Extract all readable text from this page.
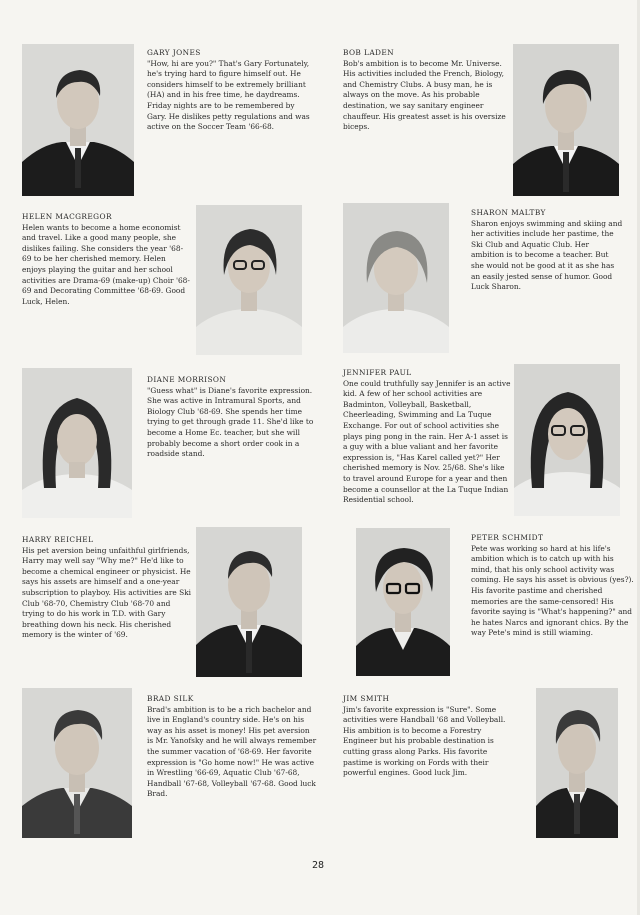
GARY JONES
"How, hi are you?" That's Gary Fortunately, he's trying hard to figure himself out. He considers himself to be extremely brilliant (HA) and in his free time, he daydreams. Friday nights are to be remembered by Gary. He dislikes petty regulations and was active on the Soccer Team '66-68.
BOB LADEN
Bob's ambition is to become Mr. Universe. His activities included the French, Biology, and Chemistry Clubs. A busy man, he is always on the move. As his probable destination, we say sanitary engineer chauffeur. His greatest asset is his oversize biceps.
HELEN MACGREGOR
Helen wants to become a home economist and travel. Like a good many people, she dislikes failing. She considers the year '68-69 to be her cherished memory. Helen enjoys playing the guitar and her school activities are Drama-69 (make-up) Choir '68-69 and Decorating Committee '68-69. Good Luck, Helen.
SHARON MALTBY
Sharon enjoys swimming and skiing and her activities include her pastime, the Ski Club and Aquatic Club. Her ambition is to become a teacher. But she would not be good at it as she has an easily jested sense of humor. Good Luck Sharon.
DIANE MORRISON
"Guess what" is Diane's favorite expression. She was active in Intramural Sports, and Biology Club '68-69. She spends her time trying to get through grade 11. She'd like to become a Home Ec. teacher, but she will probably become a short order cook in a roadside stand.
JENNIFER PAUL
One could truthfully say Jennifer is an active kid. A few of her school activities are Badminton, Volleyball, Basketball, Cheerleading, Swimming and La Tuque Exchange. For out of school activities she plays ping pong in the rain. Her A-1 asset is a guy with a blue valiant and her favorite expression is, "Has Karel called yet?" Her cherished memory is Nov. 25/68. She's like to travel around Europe for a year and then become a counsellor at the La Tuque Indian Residential school.
HARRY REICHEL
His pet aversion being unfaithful girlfriends, Harry may well say "Why me?" He'd like to become a chemical engineer or physicist. He says his assets are himself and a one-year subscription to playboy. His activities are Ski Club '68-70, Chemistry Club '68-70 and trying to do his work in T.D. with Gary breathing down his neck. His cherished memory is the winter of '69.
PETER SCHMIDT
Pete was working so hard at his life's ambition which is to catch up with his mind, that his only school activity was coming. He says his asset is obvious (yes?). His favorite pastime and cherished memories are the same-censored! His favorite saying is "What's happening?" and he hates Narcs and ignorant chics. By the way Pete's mind is still wiaming.
BRAD SILK
Brad's ambition is to be a rich bachelor and live in England's country side. He's on his way as his asset is money! His pet aversion is Mr. Yanofsky and he will always remember the summer vacation of '68-69. Her favorite expression is "Go home now!" He was active in Wrestling '66-69, Aquatic Club '67-68, Handball '67-68, Volleyball '67-68. Good luck Brad.
JIM SMITH
Jim's favorite expression is "Sure". Some activities were Handball '68 and Volleyball. His ambition is to become a Forestry Engineer but his probable destination is cutting grass along Parks. His favorite pastime is working on Fords with their powerful engines. Good luck Jim.
28
